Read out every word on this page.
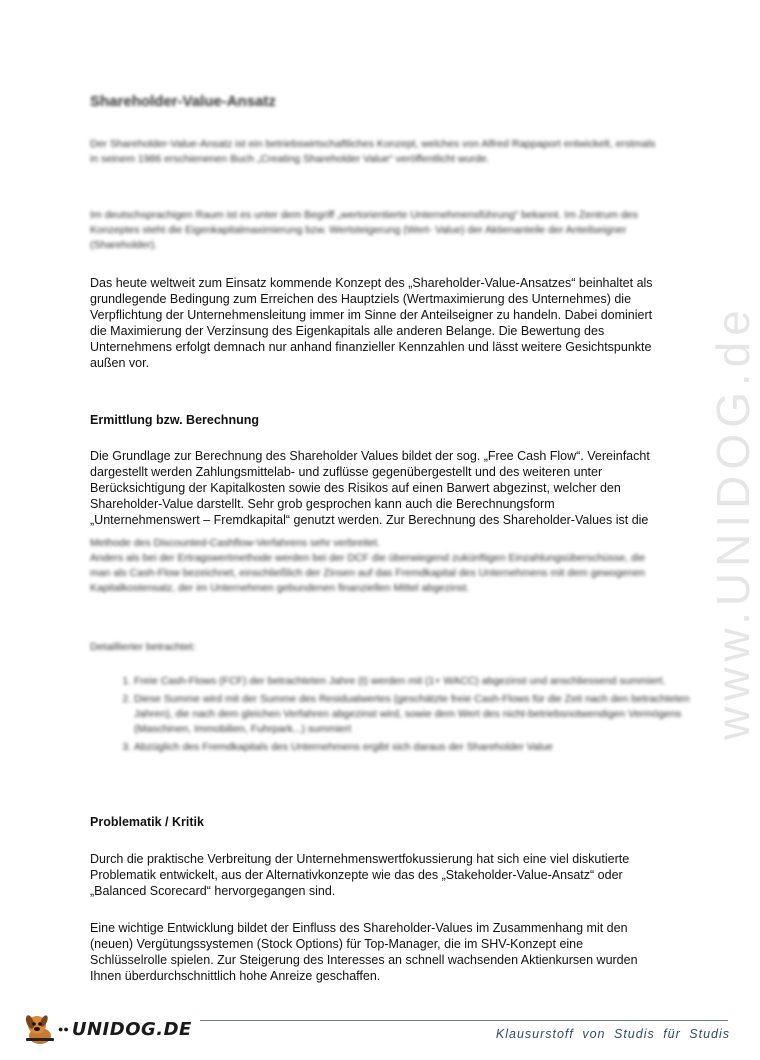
Shareholder-Value-Ansatz

Der Shareholder-Value-Ansatz ist ein betriebswirtschaftliches Konzept, welches von Alfred Rappaport entwickelt, erstmals in seinem 1986 erschienenen Buch „Creating Shareholder Value“ veröffentlicht wurde.

Im deutschsprachigen Raum ist es unter dem Begriff „wertorientierte Unternehmensführung“ bekannt. Im Zentrum des Konzeptes steht die Eigenkapitalmaximierung bzw. Wertsteigerung (Wert- Value) der Aktienanteile der Anteilseigner (Shareholder).

Das heute weltweit zum Einsatz kommende Konzept des „Shareholder-Value-Ansatzes“ beinhaltet als grundlegende Bedingung zum Erreichen des Hauptziels (Wertmaximierung des Unternehmes) die Verpflichtung der Unternehmensleitung immer im Sinne der Anteilseigner zu handeln. Dabei dominiert die Maximierung der Verzinsung des Eigenkapitals alle anderen Belange. Die Bewertung des Unternehmens erfolgt demnach nur anhand finanzieller Kennzahlen und lässt weitere Gesichtspunkte außen vor.

Ermittlung bzw. Berechnung

Die Grundlage zur Berechnung des Shareholder Values bildet der sog. „Free Cash Flow“. Vereinfacht dargestellt werden Zahlungsmittelab- und zuflüsse gegenübergestellt und des weiteren unter Berücksichtigung der Kapitalkosten sowie des Risikos auf einen Barwert abgezinst, welcher den Shareholder-Value darstellt. Sehr grob gesprochen kann auch die Berechnungsform „Unternehmenswert – Fremdkapital“ genutzt werden. Zur Berechnung des Shareholder-Values ist die

Methode des Discounted-Cashflow-Verfahrens sehr verbreitet.

Anders als bei der Ertragswertmethode werden bei der DCF die überwiegend zukünftigen Einzahlungsüberschüsse, die man als Cash-Flow bezeichnet, einschließlich der Zinsen auf das Fremdkapital des Unternehmens mit dem gewogenen Kapitalkostensatz, der im Unternehmen gebundenen finanziellen Mittel abgezinst.

Detaillierter betrachtet:

1. Freie Cash-Flows (FCF) der betrachteten Jahre (t) werden mit (1+ WACC) abgezinst und anschliessend summiert.
2. Diese Summe wird mit der Summe des Residualwertes (geschätzte freie Cash-Flows für die Zeit nach den betrachteten Jahren), die nach dem gleichen Verfahren abgezinst wird, sowie dem Wert des nicht-betriebsnotwendigen Vermögens (Maschinen, Immobilien, Fuhrpark...) summiert
3. Abzüglich des Fremdkapitals des Unternehmens ergibt sich daraus der Shareholder Value
Problematik / Kritik

Durch die praktische Verbreitung der Unternehmenswertfokussierung hat sich eine viel diskutierte Problematik entwickelt, aus der Alternativkonzepte wie das des „Stakeholder-Value-Ansatz“ oder „Balanced Scorecard“ hervorgegangen sind.

Eine wichtige Entwicklung bildet der Einfluss des Shareholder-Values im Zusammenhang mit den (neuen) Vergütungssystemen (Stock Options) für Top-Manager, die im SHV-Konzept eine Schlüsselrolle spielen. Zur Steigerung des Interesses an schnell wachsenden Aktienkursen wurden Ihnen überdurchschnittlich hohe Anreize geschaffen.

www.UNIDOG.de
●● UNIDOG.DE	Klausurstoff von Studis für Studis
